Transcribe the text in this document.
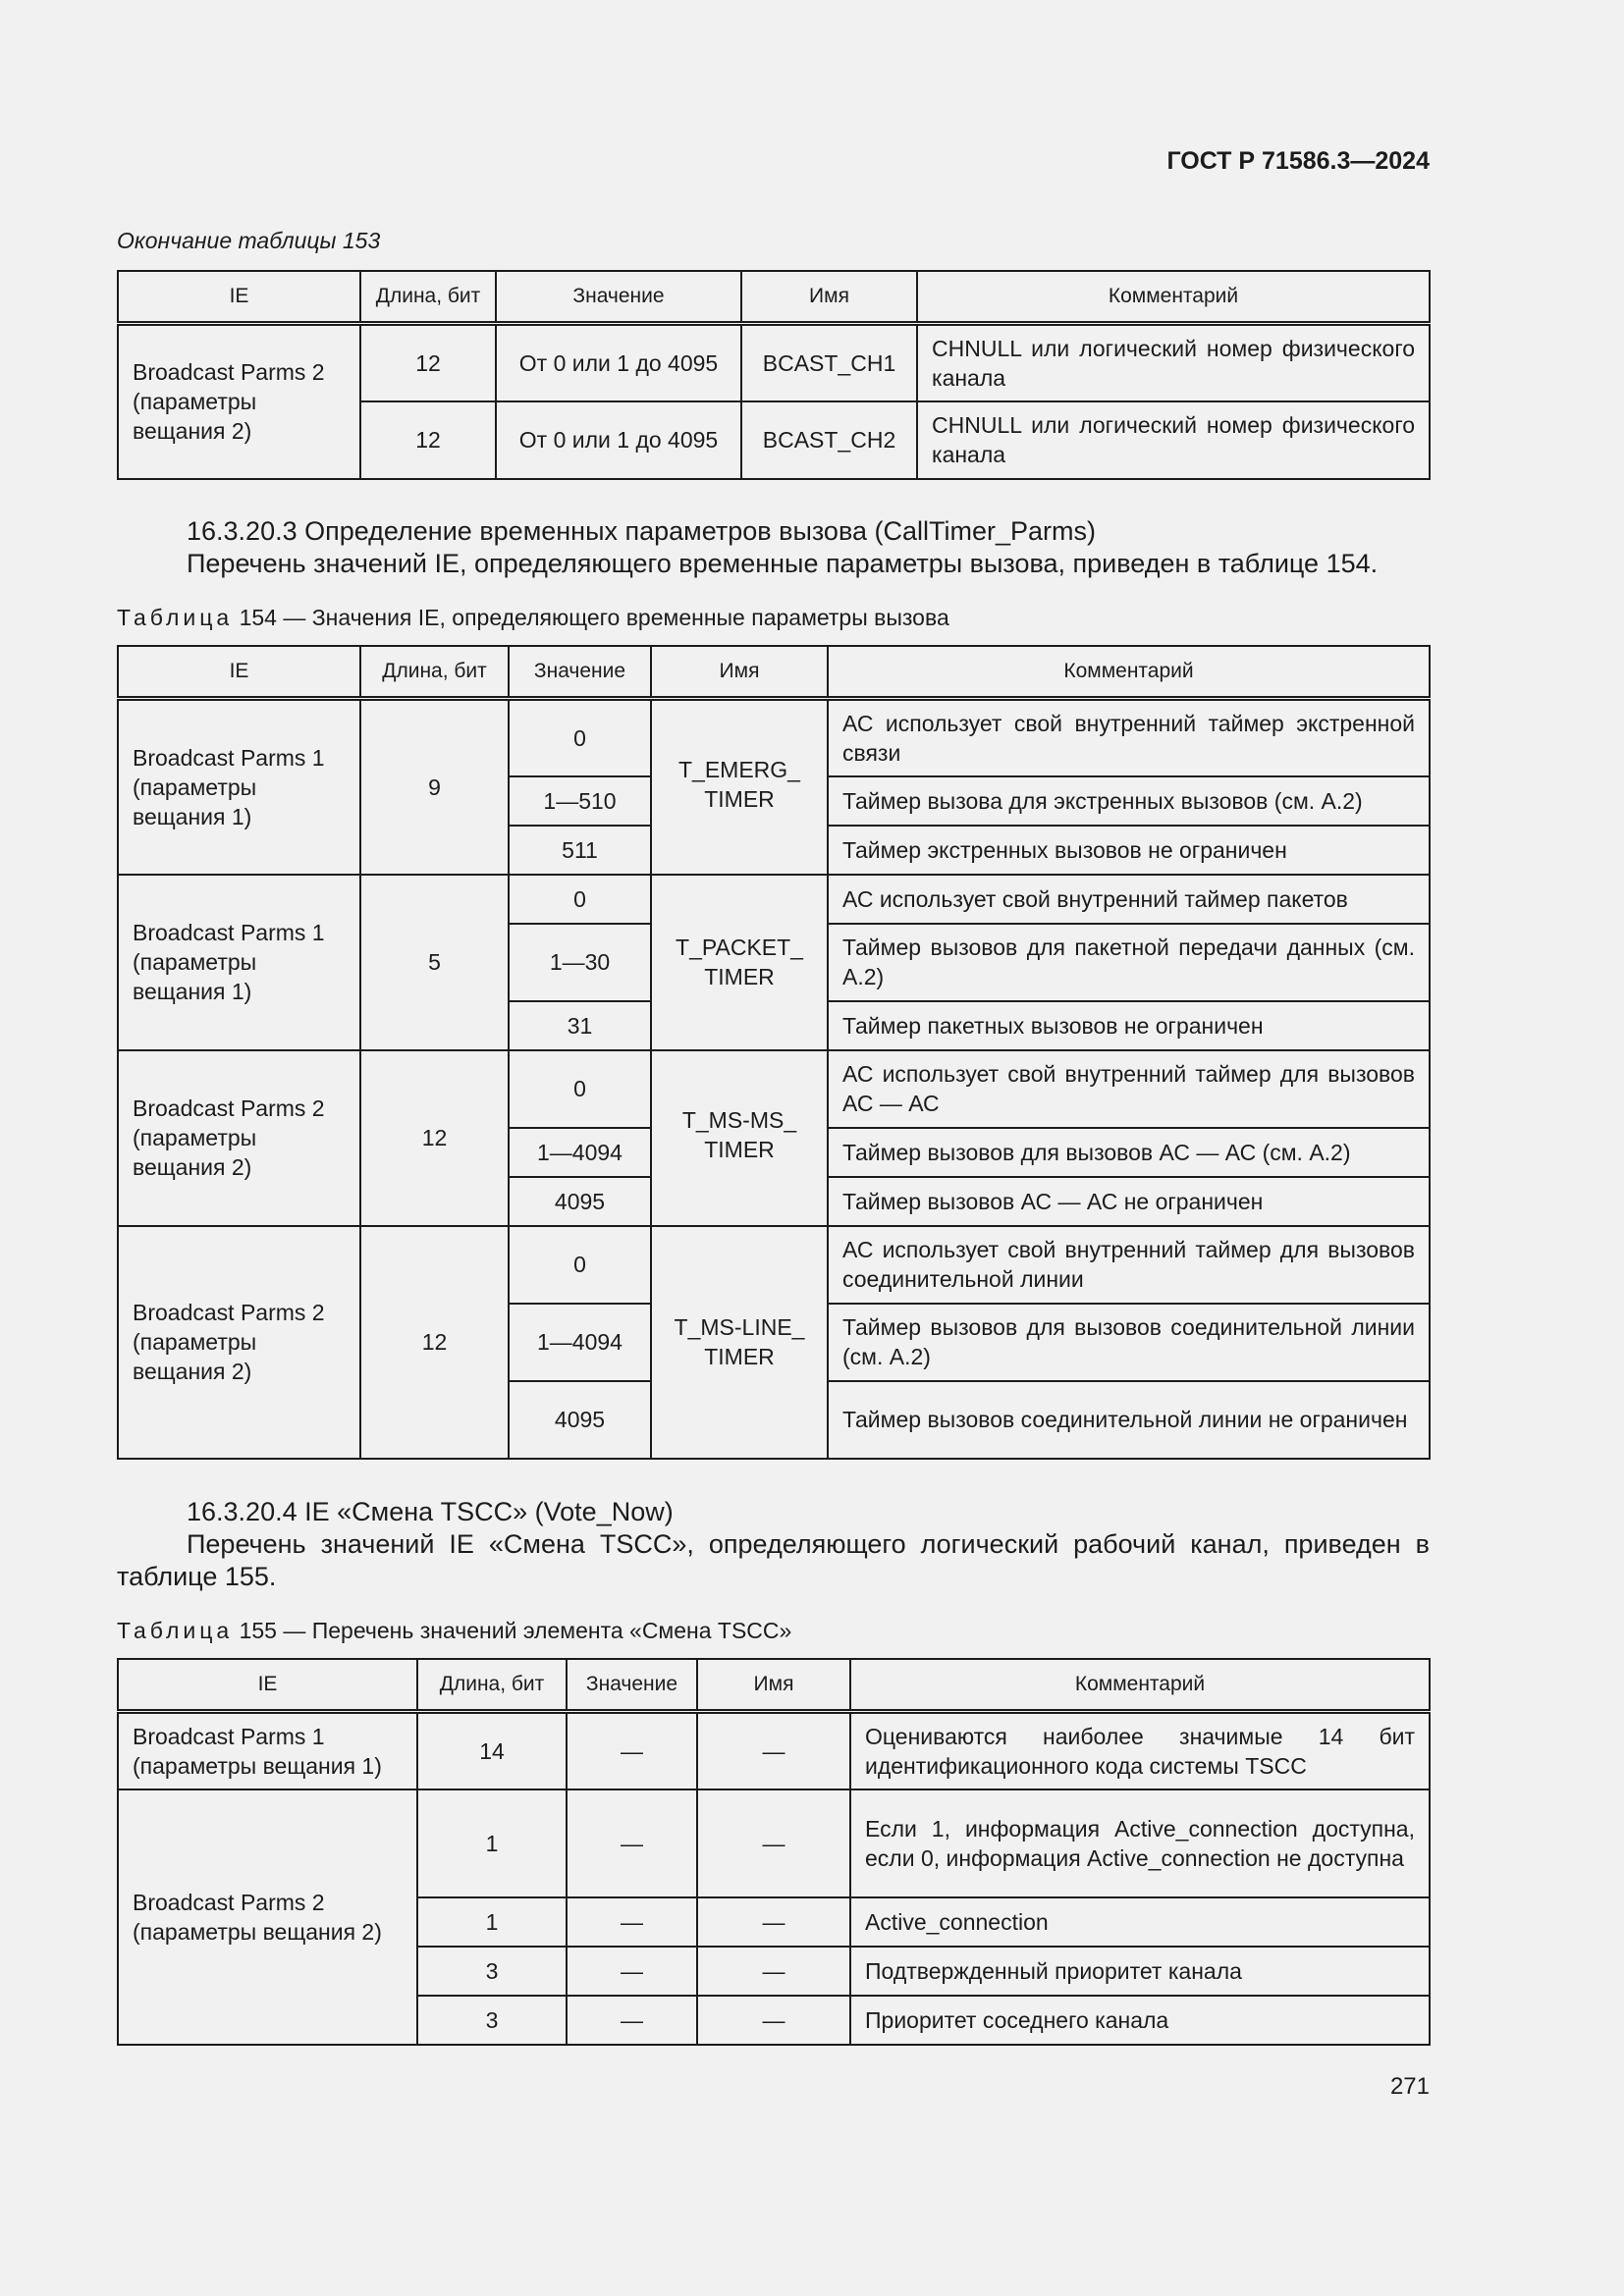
ГОСТ Р 71586.3—2024
Окончание таблицы 153
IE	Длина, бит	Значение	Имя	Комментарий
Broadcast Parms 2 (параметры вещания 2)	12	От 0 или 1 до 4095	BCAST_CH1	CHNULL или логический номер физического канала
	12	От 0 или 1 до 4095	BCAST_CH2	CHNULL или логический номер физического канала

16.3.20.3 Определение временных параметров вызова (CallTimer_Parms)

Перечень значений IE, определяющего временные параметры вызова, приведен в таблице 154.

Таблица 154 — Значения IE, определяющего временные параметры вызова
IE	Длина, бит	Значение	Имя	Комментарий
Broadcast Parms 1 (параметры вещания 1)	9	0	T_EMERG_ TIMER	АС использует свой внутренний таймер экстренной связи
		1—510		Таймер вызова для экстренных вызовов (см. А.2)
		511		Таймер экстренных вызовов не ограничен
Broadcast Parms 1 (параметры вещания 1)	5	0	T_PACKET_ TIMER	АС использует свой внутренний таймер пакетов
		1—30		Таймер вызовов для пакетной передачи данных (см. А.2)
		31		Таймер пакетных вызовов не ограничен
Broadcast Parms 2 (параметры вещания 2)	12	0	T_MS-MS_ TIMER	АС использует свой внутренний таймер для вызовов АС — АС
		1—4094		Таймер вызовов для вызовов АС — АС (см. А.2)
		4095		Таймер вызовов АС — АС не ограничен
Broadcast Parms 2 (параметры вещания 2)	12	0	T_MS-LINE_ TIMER	АС использует свой внутренний таймер для вызовов соединительной линии
		1—4094		Таймер вызовов для вызовов соединительной линии (см. А.2)
		4095		Таймер вызовов соединительной линии не ограничен

16.3.20.4 IE «Смена TSCC» (Vote_Now)

Перечень значений IE «Смена TSCC», определяющего логический рабочий канал, приведен в таблице 155.

Таблица 155 — Перечень значений элемента «Смена TSCC»
IE	Длина, бит	Значение	Имя	Комментарий
Broadcast Parms 1 (параметры вещания 1)	14	—	—	Оцениваются наиболее значимые 14 бит идентификационного кода системы TSCC
Broadcast Parms 2 (параметры вещания 2)	1	—	—	Если 1, информация Active_connection доступна, если 0, информация Active_connection не доступна
	1	—	—	Active_connection
	3	—	—	Подтвержденный приоритет канала
	3	—	—	Приоритет соседнего канала
271
